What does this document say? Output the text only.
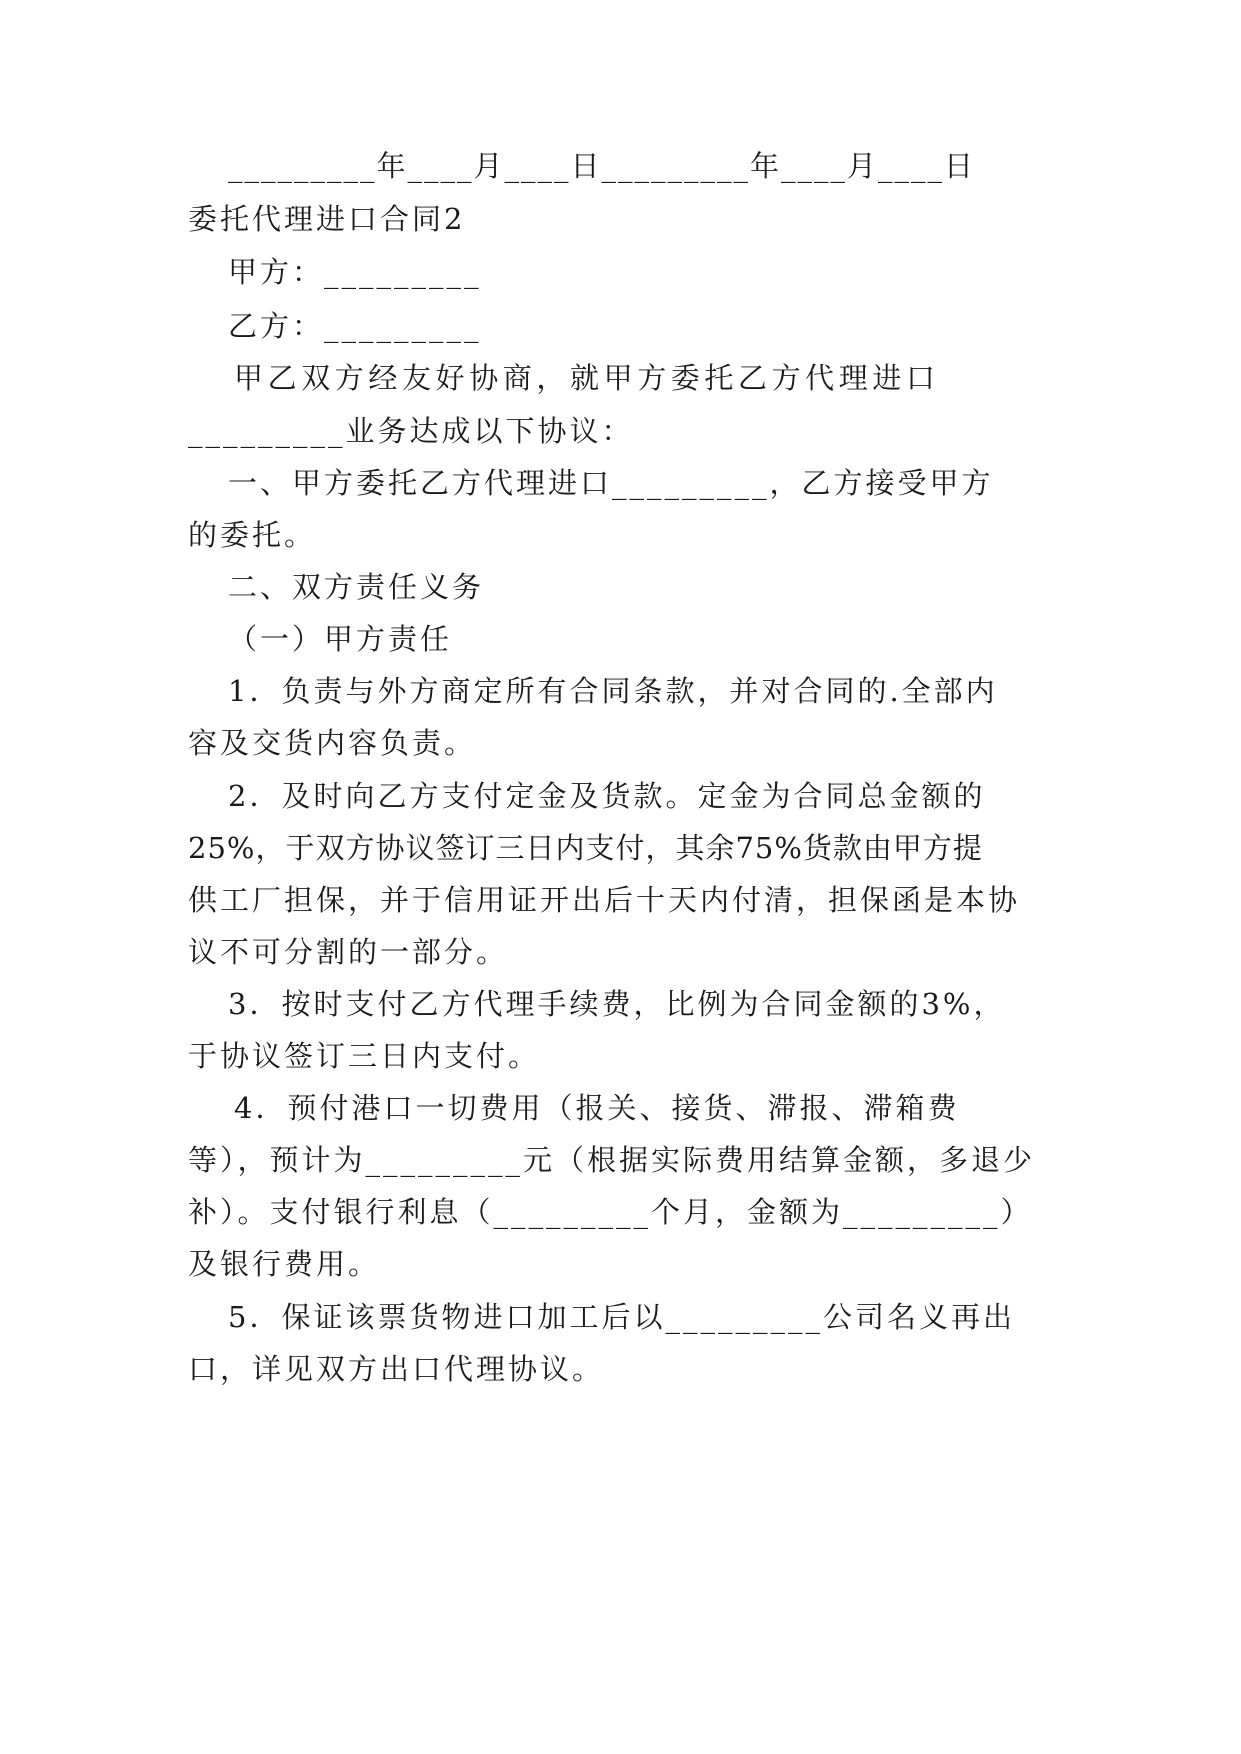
_________年____月____日_________年____月____日
委托代理进口合同2
甲方：_________
乙方：_________
甲乙双方经友好协商，就甲方委托乙方代理进口
_________业务达成以下协议：
一、甲方委托乙方代理进口_________，乙方接受甲方
的委托。
二、双方责任义务
（一）甲方责任
1．负责与外方商定所有合同条款，并对合同的.全部内
容及交货内容负责。
2．及时向乙方支付定金及货款。定金为合同总金额的
25%，于双方协议签订三日内支付，其余75%货款由甲方提
供工厂担保，并于信用证开出后十天内付清，担保函是本协
议不可分割的一部分。
3．按时支付乙方代理手续费，比例为合同金额的3%，
于协议签订三日内支付。
4．预付港口一切费用（报关、接货、滞报、滞箱费
等），预计为_________元（根据实际费用结算金额，多退少
补）。支付银行利息（_________个月，金额为_________）
及银行费用。
5．保证该票货物进口加工后以_________公司名义再出
口，详见双方出口代理协议。
